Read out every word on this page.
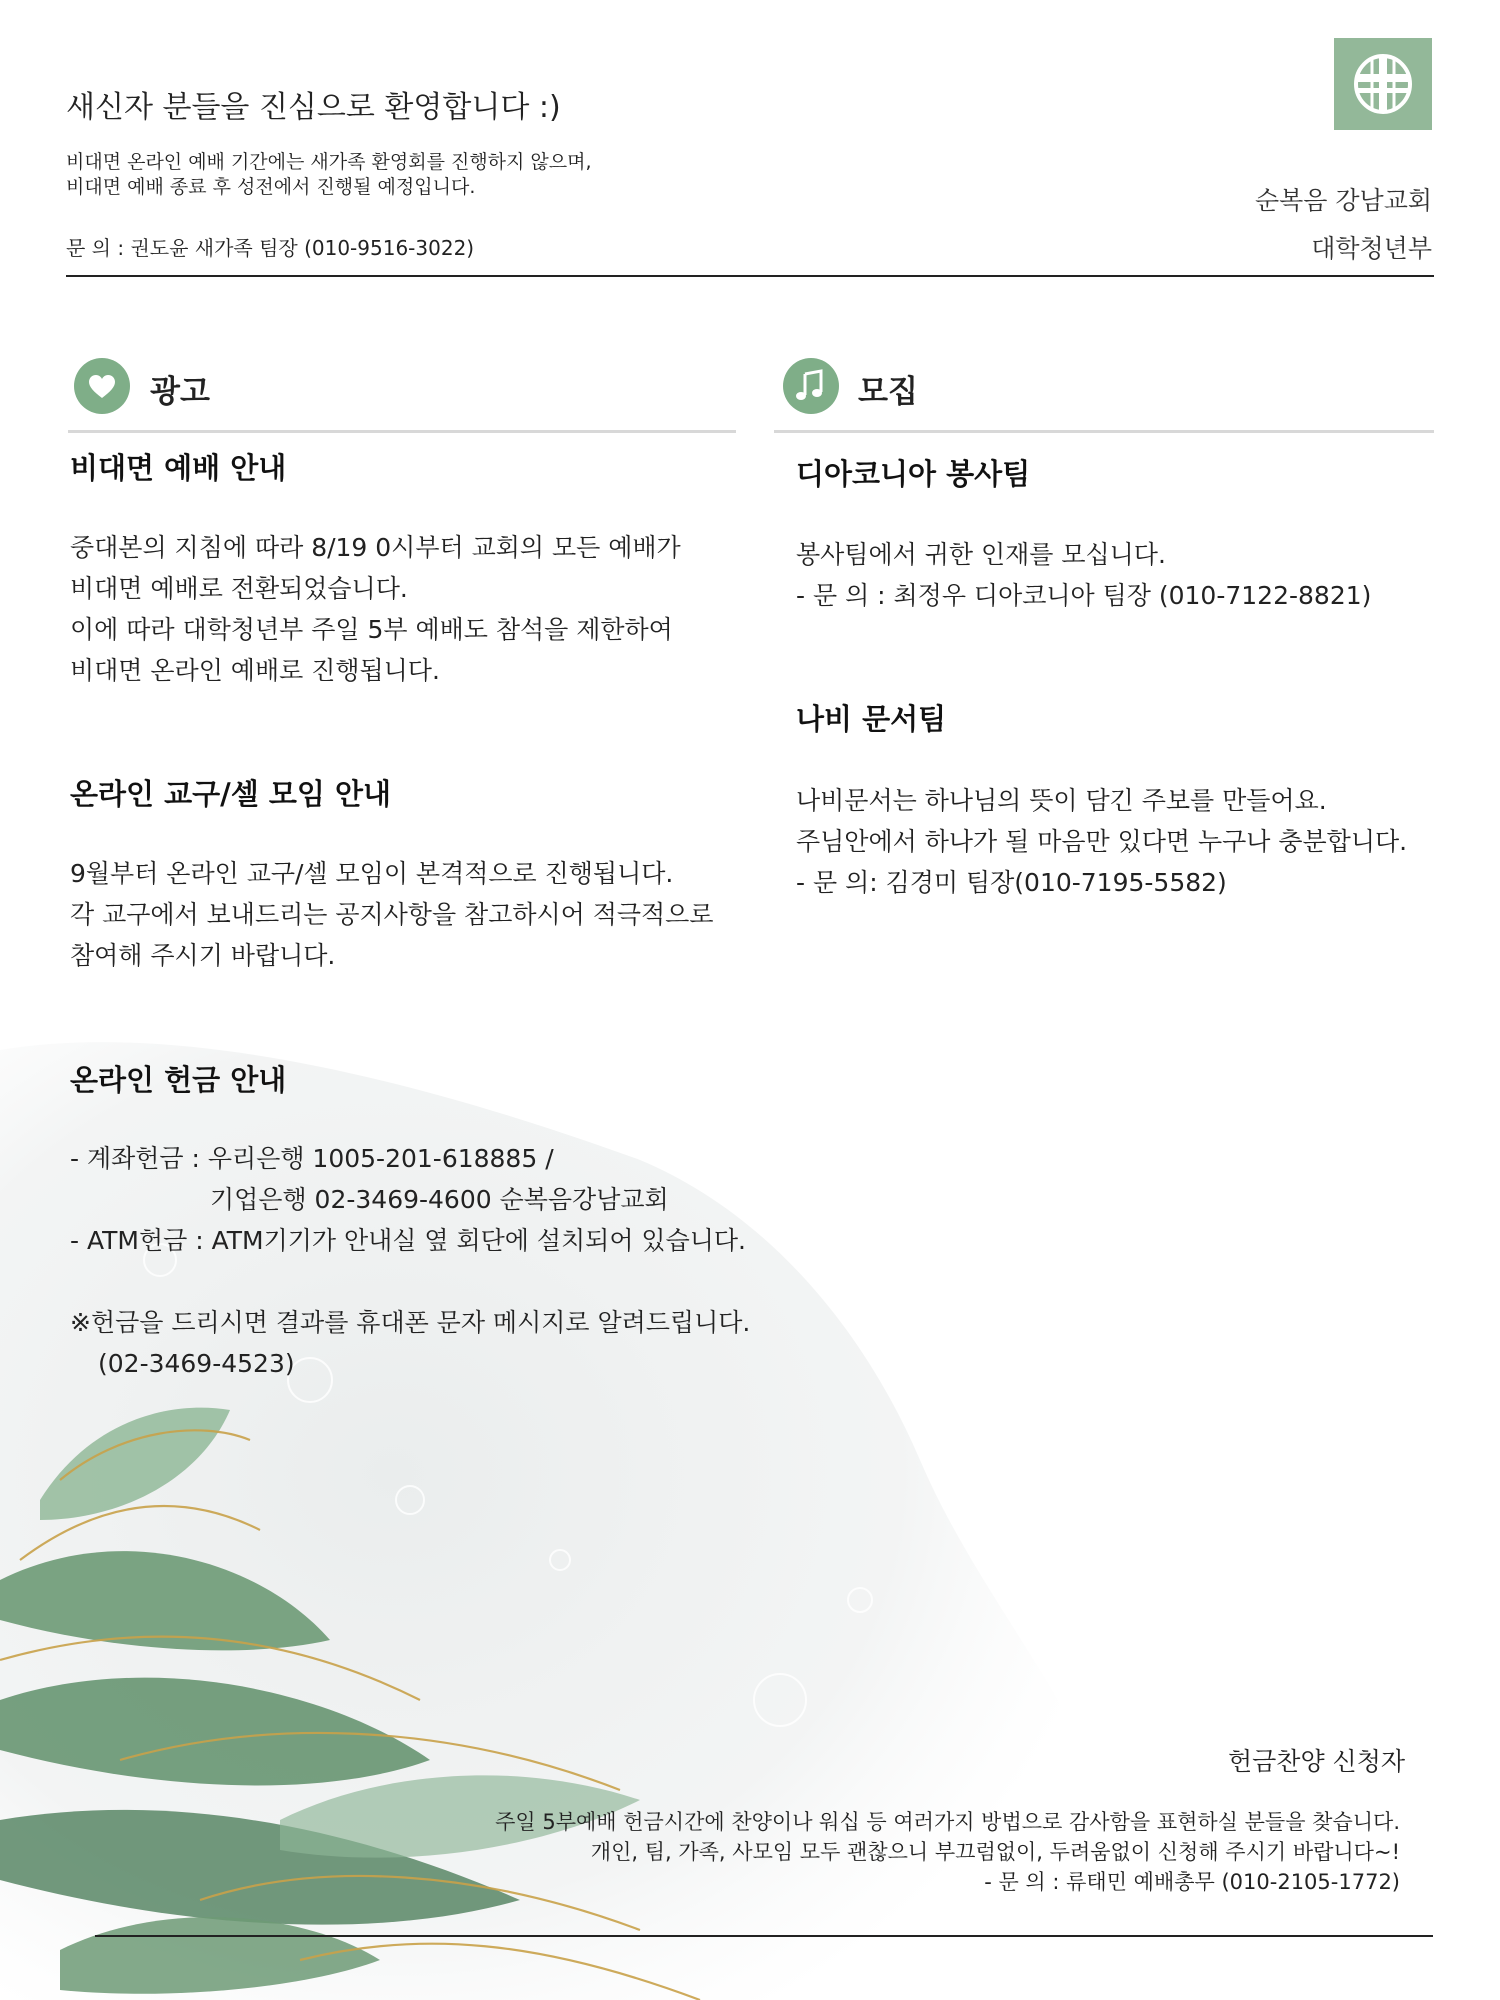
새신자 분들을 진심으로 환영합니다 :)
비대면 온라인 예배 기간에는 새가족 환영회를 진행하지 않으며,
비대면 예배 종료 후 성전에서 진행될 예정입니다.
문 의 : 권도윤 새가족 팀장 (010-9516-3022)
순복음 강남교회
대학청년부
광고
비대면 예배 안내
중대본의 지침에 따라 8/19 0시부터 교회의 모든 예배가
비대면 예배로 전환되었습니다.
이에 따라 대학청년부 주일 5부 예배도 참석을 제한하여
비대면 온라인 예배로 진행됩니다.
온라인 교구/셀 모임 안내
9월부터 온라인 교구/셀 모임이 본격적으로 진행됩니다.
각 교구에서 보내드리는 공지사항을 참고하시어 적극적으로
참여해 주시기 바랍니다.
온라인 헌금 안내
- 계좌헌금 : 우리은행 1005-201-618885 /
기업은행 02-3469-4600 순복음강남교회
- ATM헌금 : ATM기기가 안내실 옆 회단에 설치되어 있습니다.

※헌금을 드리시면 결과를 휴대폰 문자 메시지로 알려드립니다.
(02-3469-4523)
모집
디아코니아 봉사팀
봉사팀에서 귀한 인재를 모십니다.
- 문 의 : 최정우 디아코니아 팀장 (010-7122-8821)
나비 문서팀
나비문서는 하나님의 뜻이 담긴 주보를 만들어요.
주님안에서 하나가 될 마음만 있다면 누구나 충분합니다.
- 문 의: 김경미 팀장(010-7195-5582)
헌금찬양 신청자
주일 5부예배 헌금시간에 찬양이나 워십 등 여러가지 방법으로 감사함을 표현하실 분들을 찾습니다.
개인, 팀, 가족, 사모임 모두 괜찮으니 부끄럼없이, 두려움없이 신청해 주시기 바랍니다~!
- 문 의 : 류태민 예배총무 (010-2105-1772)
